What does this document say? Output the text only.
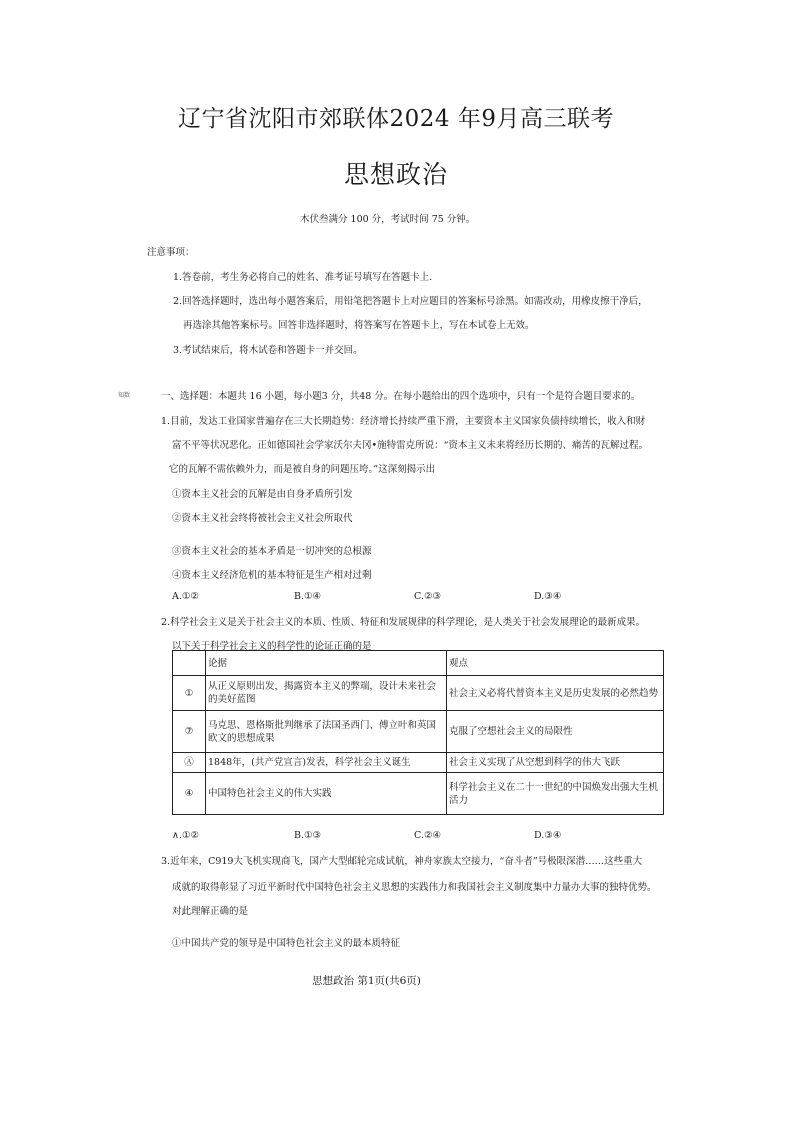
辽宁省沈阳市郊联体2024 年9月高三联考
思想政治
木伏叁满分 100 分，考试时间 75 分钟。
注意事项：
1.答卷前，考生务必将自己的姓名、准考证号填写在答题卡上.
2.回答选择题时，选出每小题答案后，用铅笔把答题卡上对应题目的答案标号涂黑。如需改动，用橡皮擦干净后，
再选涂其他答案标号。回答非选择题时，将答案写在答题卡上，写在本试卷上无效。
3.考试结束后，将木试卷和答题卡一并交回。
知数	一、选择题：本题共 16 小题，每小题3 分，共48 分。在每小题给出的四个选项中，只有一个是符合题目要求的。
1.目前，发达工业国家普遍存在三大长期趋势：经济增长持续严重下滑，主要资本主义国家负债持续增长，收入和财
富不平等状况恶化。正如德国社会学家沃尔夫冈•施特雷克所说：“资本主义未来将经历长期的、痛苦的瓦解过程。
它的瓦解不需依赖外力，而是被自身的问题压垮。”这深刻揭示出
①资本主义社会的瓦解是由自身矛盾所引发
②资本主义社会终将被社会主义社会所取代
③资本主义社会的基本矛盾是一切冲突的总根源
④资本主义经济危机的基本特征是生产相对过剩
A.①②	B.①④	C.②③	D.③④
2.科学社会主义是关于社会主义的本质、性质、特征和发展规律的科学理论，是人类关于社会发展理论的最新成果。
以下关于科学社会主义的科学性的论证正确的是
	论据	观点
①	从正义原则出发，揭露资本主义的弊端，设计未来社会的美好蓝图	社会主义必将代替资本主义是历史发展的必然趋势
⑦	马克思、恩格斯批判继承了法国圣西门、傅立叶和英国欧文的思想成果	克服了空想社会主义的局限性
Ⓐ	1848年，(共产党宣言)发表，科学社会主义诞生	社会主义实现了从空想到科学的伟大飞跃
④	中国特色社会主义的伟大实践	科学社会主义在二十一世纪的中国焕发出强大生机活力
∧.①②	B.①③	C.②④	D.③④
3.近年来，C919大飞机实现商飞，国产大型邮轮完成试航，神舟家族太空接力，“奋斗者”号极限深潜……这些重大
成就的取得彰显了习近平新时代中国特色社会主义思想的实践伟力和我国社会主义制度集中力量办大事的独特优势。
对此理解正确的是
①中国共产党的领导是中国特色社会主义的最本质特征
思想政治 第1页(共6页)
